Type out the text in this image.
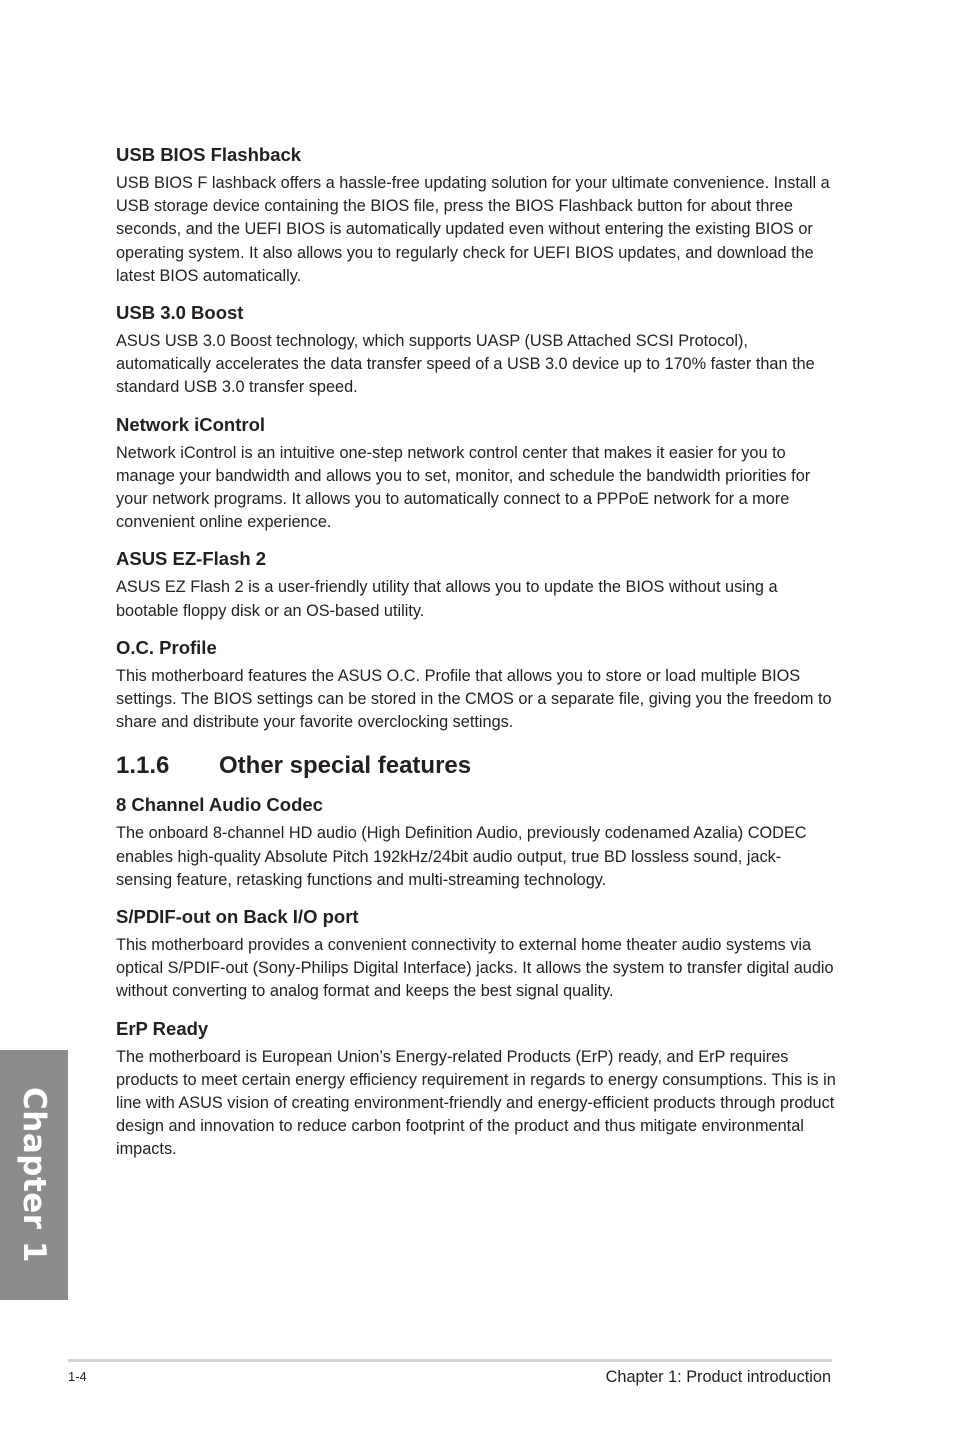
USB BIOS Flashback

USB BIOS F lashback offers a hassle-free updating solution for your ultimate convenience. Install a USB storage device containing the BIOS file, press the BIOS Flashback button for about three seconds, and the UEFI BIOS is automatically updated even without entering the existing BIOS or operating system. It also allows you to regularly check for UEFI BIOS updates, and download the latest BIOS automatically.

USB 3.0 Boost

ASUS USB 3.0 Boost technology, which supports UASP (USB Attached SCSI Protocol), automatically accelerates the data transfer speed of a USB 3.0 device up to 170% faster than the standard USB 3.0 transfer speed.

Network iControl

Network iControl is an intuitive one-step network control center that makes it easier for you to manage your bandwidth and allows you to set, monitor, and schedule the bandwidth priorities for your network programs. It allows you to automatically connect to a PPPoE network for a more convenient online experience.

ASUS EZ-Flash 2

ASUS EZ Flash 2 is a user-friendly utility that allows you to update the BIOS without using a bootable floppy disk or an OS-based utility.

O.C. Profile

This motherboard features the ASUS O.C. Profile that allows you to store or load multiple BIOS settings. The BIOS settings can be stored in the CMOS or a separate file, giving you the freedom to share and distribute your favorite overclocking settings.

1.1.6	Other special features
8 Channel Audio Codec

The onboard 8-channel HD audio (High Definition Audio, previously codenamed Azalia) CODEC enables high-quality Absolute Pitch 192kHz/24bit audio output, true BD lossless sound, jack-sensing feature, retasking functions and multi-streaming technology.

S/PDIF-out on Back I/O port

This motherboard provides a convenient connectivity to external home theater audio systems via optical S/PDIF-out (Sony-Philips Digital Interface) jacks. It allows the system to transfer digital audio without converting to analog format and keeps the best signal quality.

ErP Ready

The motherboard is European Union’s Energy-related Products (ErP) ready, and ErP requires products to meet certain energy efficiency requirement in regards to energy consumptions. This is in line with ASUS vision of creating environment-friendly and energy-efficient products through product design and innovation to reduce carbon footprint of the product and thus mitigate environmental impacts.

Chapter 1
1-4	Chapter 1: Product introduction
